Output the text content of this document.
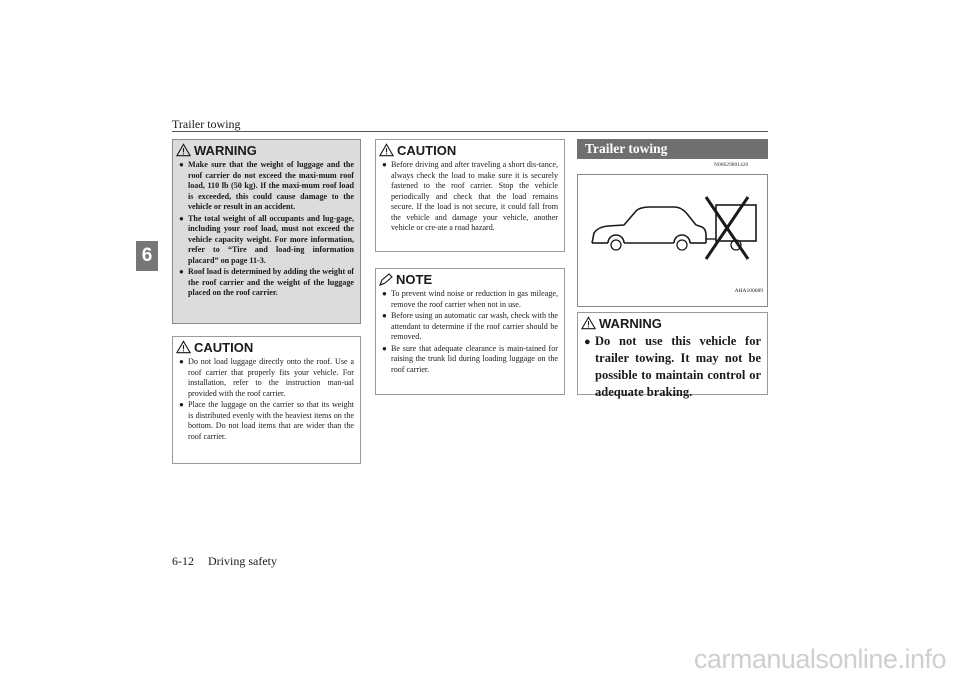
Trailer towing
6
WARNING
● Make sure that the weight of luggage and the roof carrier do not exceed the maxi-mum roof load, 110 lb (50 kg). If the maxi-mum roof load is exceeded, this could cause damage to the vehicle or result in an accident.
● The total weight of all occupants and lug-gage, including your roof load, must not exceed the vehicle capacity weight. For more information, refer to “Tire and load-ing information placard” on page 11-3.
● Roof load is determined by adding the weight of the roof carrier and the weight of the luggage placed on the roof carrier.
CAUTION
● Do not load luggage directly onto the roof. Use a roof carrier that properly fits your vehicle. For installation, refer to the instruction man-ual provided with the roof carrier.
● Place the luggage on the carrier so that its weight is distributed evenly with the heaviest items on the bottom. Do not load items that are wider than the roof carrier.
CAUTION
● Before driving and after traveling a short dis-tance, always check the load to make sure it is securely fastened to the roof carrier. Stop the vehicle periodically and check that the load remains secure. If the load is not secure, it could fall from the vehicle and damage your vehicle, another vehicle or cre-ate a road hazard.
NOTE
● To prevent wind noise or reduction in gas mileage, remove the roof carrier when not in use.
● Before using an automatic car wash, check with the attendant to determine if the roof carrier should be removed.
● Be sure that adequate clearance is main-tained for raising the trunk lid during loading luggage on the roof carrier.
Trailer towing
N00629801420
AHA100689
WARNING
● Do not use this vehicle for trailer towing. It may not be possible to maintain control or adequate braking.
6-12 Driving safety
carmanualsonline.info
